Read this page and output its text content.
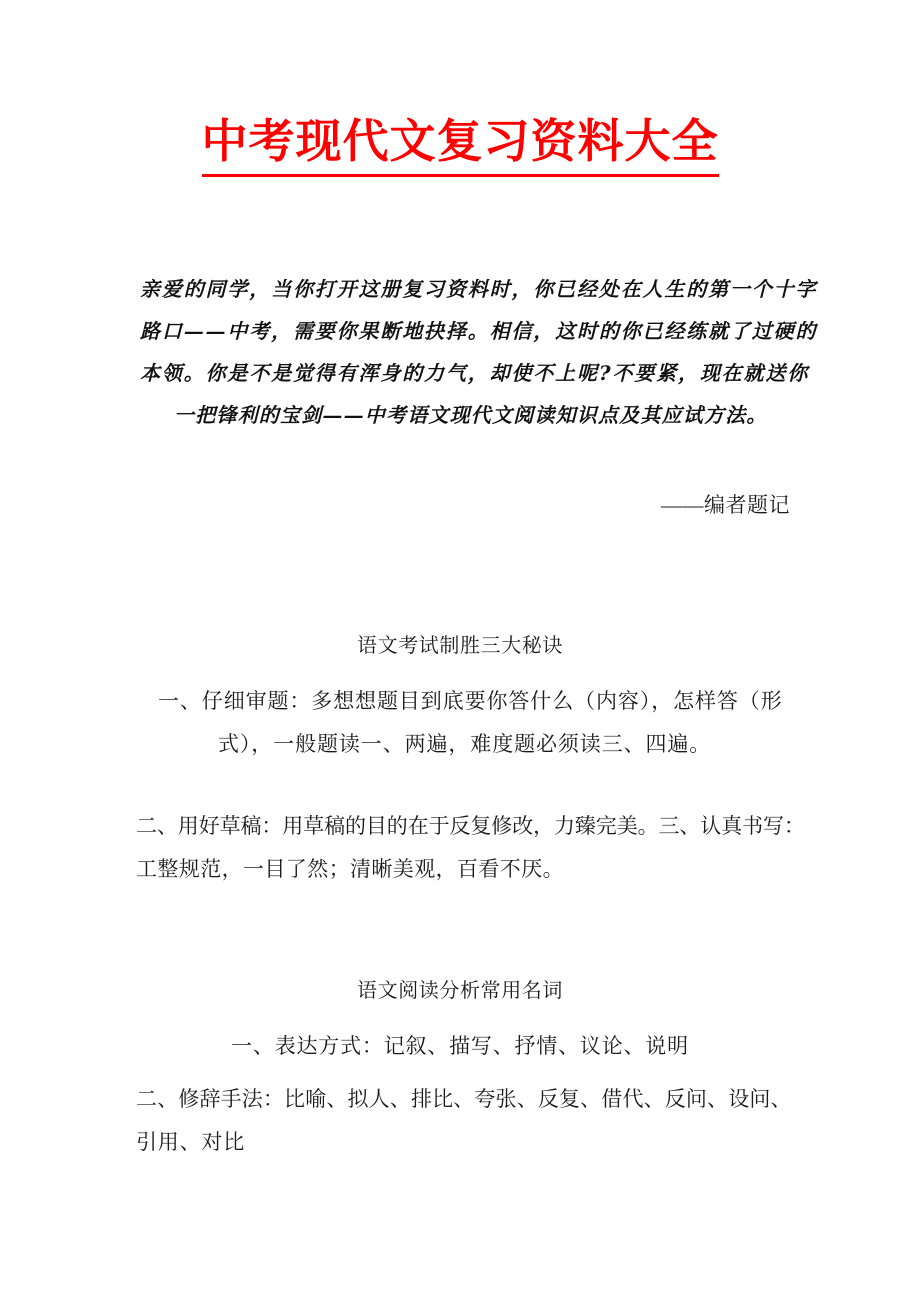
中考现代文复习资料大全
亲爱的同学，当你打开这册复习资料时，你已经处在人生的第一个十字
路口——中考，需要你果断地抉择。相信，这时的你已经练就了过硬的
本领。你是不是觉得有浑身的力气，却使不上呢?不要紧，现在就送你
一把锋利的宝剑——中考语文现代文阅读知识点及其应试方法。
——编者题记
语文考试制胜三大秘诀
一、仔细审题：多想想题目到底要你答什么（内容），怎样答（形
式），一般题读一、两遍，难度题必须读三、四遍。
二、用好草稿：用草稿的目的在于反复修改，力臻完美。三、认真书写：
工整规范，一目了然；清晰美观，百看不厌。
语文阅读分析常用名词
一、表达方式：记叙、描写、抒情、议论、说明
二、修辞手法：比喻、拟人、排比、夸张、反复、借代、反问、设问、
引用、对比
